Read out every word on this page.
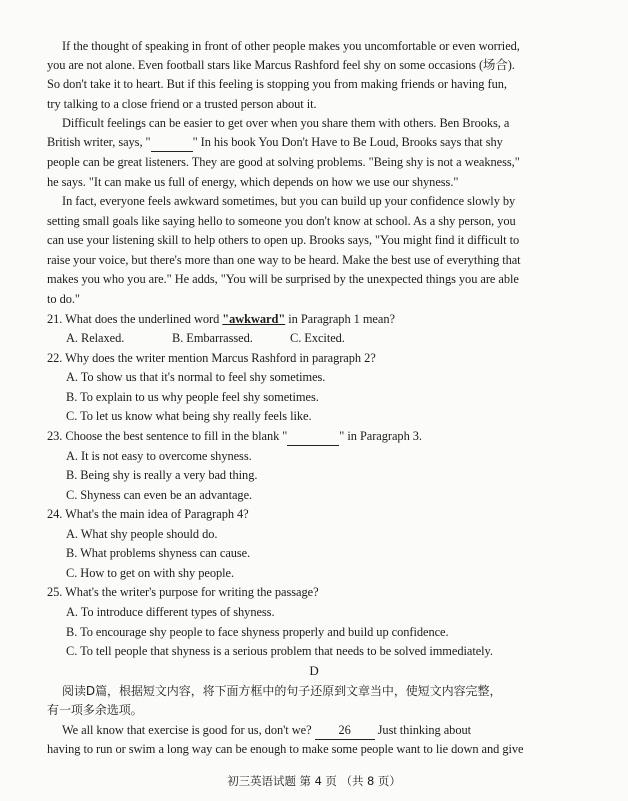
If the thought of speaking in front of other people makes you uncomfortable or even worried,
you are not alone. Even football stars like Marcus Rashford feel shy on some occasions (场合).
So don't take it to heart. But if this feeling is stopping you from making friends or having fun,
try talking to a close friend or a trusted person about it.
Difficult feelings can be easier to get over when you share them with others. Ben Brooks, a
people can be great listeners. They are good at solving problems. "Being shy is not a weakness,"
he says. "It can make us full of energy, which depends on how we use our shyness."
In fact, everyone feels awkward sometimes, but you can build up your confidence slowly by
setting small goals like saying hello to someone you don't know at school. As a shy person, you
can use your listening skill to help others to open up. Brooks says, "You might find it difficult to
raise your voice, but there's more than one way to be heard. Make the best use of everything that
makes you who you are." He adds, "You will be surprised by the unexpected things you are able
to do."
22. Why does the writer mention Marcus Rashford in paragraph 2?
A. To show us that it's normal to feel shy sometimes.
B. To explain to us why people feel shy sometimes.
C. To let us know what being shy really feels like.
A. It is not easy to overcome shyness.
B. Being shy is really a very bad thing.
C. Shyness can even be an advantage.
24. What's the main idea of Paragraph 4?
A. What shy people should do.
B. What problems shyness can cause.
C. How to get on with shy people.
25. What's the writer's purpose for writing the passage?
A. To introduce different types of shyness.
B. To encourage shy people to face shyness properly and build up confidence.
C. To tell people that shyness is a serious problem that needs to be solved immediately.
有一项多余选项。
having to run or swim a long way can be enough to make some people want to lie down and give
British writer, says, "	" In his book You Don't Have to Be Loud, Brooks says that shy
21. What does the underlined word "awkward" in Paragraph 1 mean?
A. Relaxed.	B. Embarrassed.	C. Excited.
23. Choose the best sentence to fill in the blank "	" in Paragraph 3.
D
阅读D篇，根据短文内容，将下面方框中的句子还原到文章当中，使短文内容完整，
We all know that exercise is good for us, don't we? 26 Just thinking about
初三英语试题 第 4 页 （共 8 页）
